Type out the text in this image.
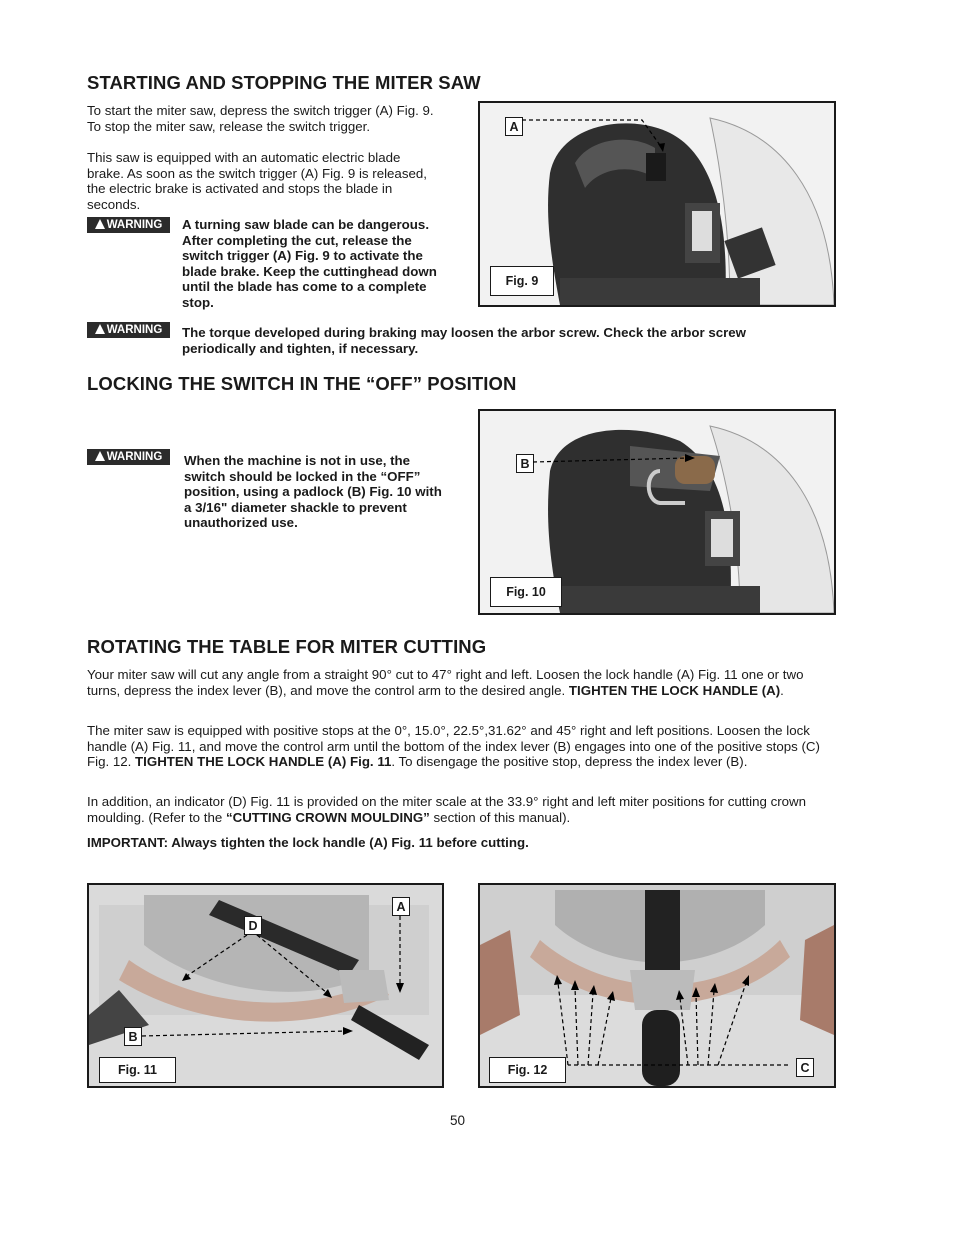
STARTING AND STOPPING THE MITER SAW

To start the miter saw, depress the switch trigger (A) Fig. 9. To stop the miter saw, release the switch trigger.

This saw is equipped with an automatic electric blade brake. As soon as the switch trigger (A) Fig. 9 is released, the electric brake is activated and stops the blade in seconds.

WARNING A turning saw blade can be dangerous. After completing the cut, release the switch trigger (A) Fig. 9 to activate the blade brake. Keep the cuttinghead down until the blade has come to a complete stop.

WARNING The torque developed during braking may loosen the arbor screw. Check the arbor screw periodically and tighten, if necessary.

Fig. 9
A
LOCKING THE SWITCH IN THE “OFF” POSITION
WARNING When the machine is not in use, the switch should be locked in the “OFF” position, using a padlock (B) Fig. 10 with a 3/16" diameter shackle to prevent unauthorized use.

Fig. 10
B
ROTATING THE TABLE FOR MITER CUTTING

Your miter saw will cut any angle from a straight 90° cut to 47° right and left. Loosen the lock handle (A) Fig. 11 one or two turns, depress the index lever (B), and move the control arm to the desired angle. TIGHTEN THE LOCK HANDLE (A).

The miter saw is equipped with positive stops at the 0°, 15.0°, 22.5°,31.62° and 45° right and left positions. Loosen the lock handle (A) Fig. 11, and move the control arm until the bottom of the index lever (B) engages into one of the positive stops (C) Fig. 12. TIGHTEN THE LOCK HANDLE (A) Fig. 11. To disengage the positive stop, depress the index lever (B).

In addition, an indicator (D) Fig. 11 is provided on the miter scale at the 33.9° right and left miter positions for cutting crown moulding. (Refer to the “CUTTING CROWN MOULDING” section of this manual).

IMPORTANT: Always tighten the lock handle (A) Fig. 11 before cutting.

Fig. 11
A
D
B
Fig. 12	C
50
